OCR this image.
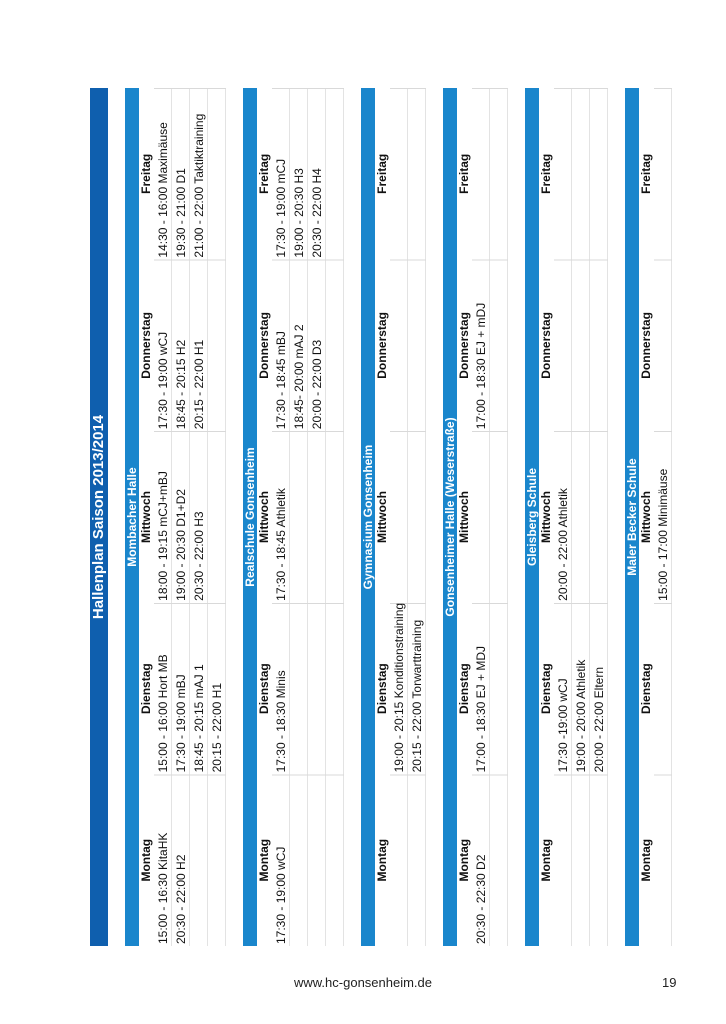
Hallenplan Saison 2013/2014 Mombacher Halle
Montag
Dienstag
Mittwoch
Donnerstag
Freitag
15:00 - 16:30 KitaHK 20:30 - 22:00 H2
15:00 - 16:00 Hort MB 17:30 - 19:00 mBJ 18:45 - 20:15 mAJ 1 20:15 - 22:00 H1
18:00 - 19:15 mCJ+mBJ 19:00 - 20:30 D1+D2 20:30 - 22:00 H3
17:30 - 19:00 wCJ 18:45 - 20:15 H2 20:15 - 22:00 H1
14:30 - 16:00 Maximäuse 19:30 - 21:00 D1 21:00 - 22:00 Taktiktraining
Realschule Gonsenheim
Montag
Dienstag
Mittwoch
Donnerstag
Freitag
17:30 - 19:00 wCJ
17:30 - 18:30 Minis
17:30 - 18:45 Athletik
17:30 - 18:45 mBJ 18:45- 20:00 mAJ 2 20:00 - 22:00 D3
17:30 - 19:00 mCJ 19:00 - 20:30 H3 20:30 - 22:00 H4
Gymnasium Gonsenheim
Montag
Dienstag
Mittwoch
Donnerstag
Freitag
19:00 - 20:15 Konditionstraining 20:15 - 22:00 Torwarttraining
Gonsenheimer Halle (Weserstraße)
Montag
Dienstag
Mittwoch
Donnerstag
Freitag
20:30 - 22:30 D2
17:00 - 18:30 EJ + MDJ
17:00 - 18:30 EJ + mDJ
Gleisberg Schule
Montag
Dienstag
Mittwoch
Donnerstag
Freitag
17:30 -19:00 wCJ 19:00 - 20:00 Athletik 20:00 - 22:00 Eltern
20:00 - 22:00 Athletik	Maler Becker Schule
Montag
Dienstag
Mittwoch
Donnerstag
Freitag
15:00 - 17:00 Minimäuse
www.hc-gonsenheim.de	19
